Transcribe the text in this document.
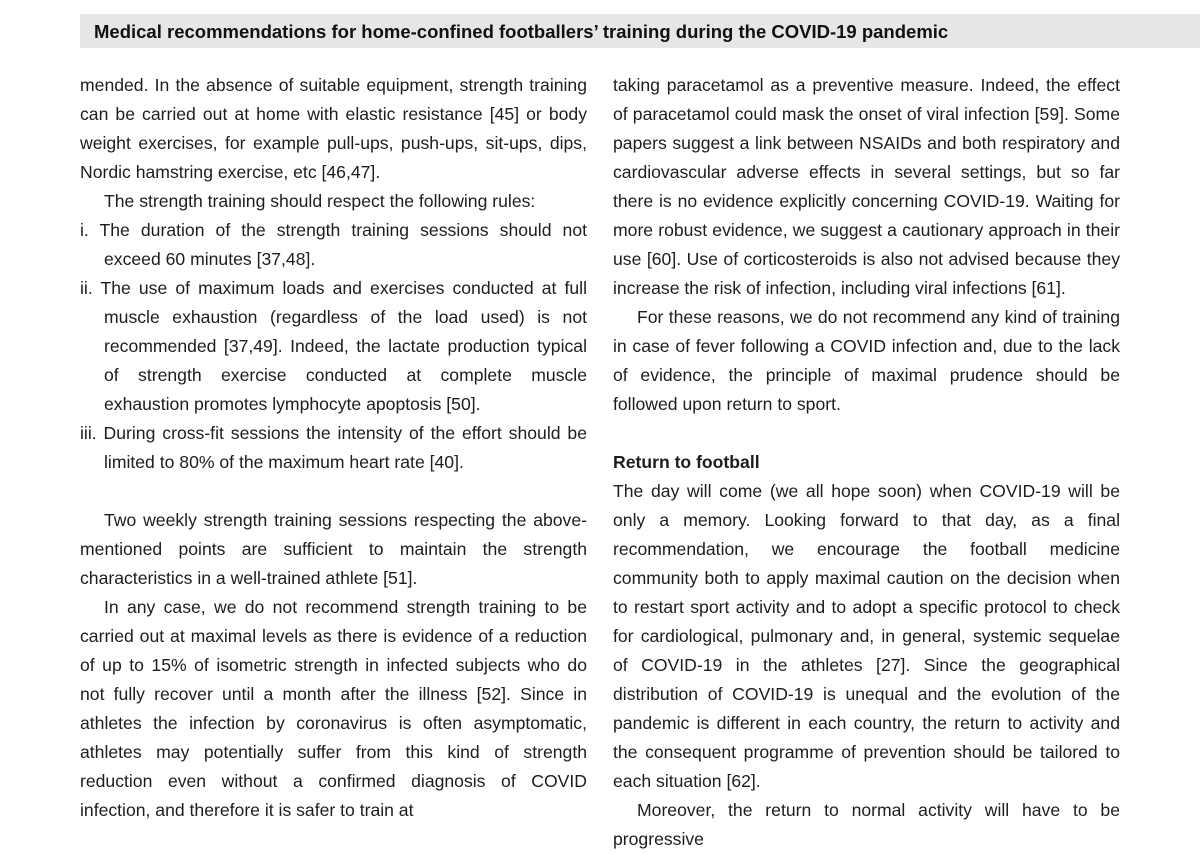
Medical recommendations for home-confined footballers’ training during the COVID-19 pandemic

mended. In the absence of suitable equipment, strength training can be carried out at home with elastic resistance [45] or body weight exercises, for example pull-ups, push-ups, sit-ups, dips, Nordic hamstring exercise, etc [46,47].

The strength training should respect the following rules:

i. The duration of the strength training sessions should not exceed 60 minutes [37,48].

ii. The use of maximum loads and exercises conducted at full muscle exhaustion (regardless of the load used) is not recommended [37,49]. Indeed, the lactate production typical of strength exercise conducted at complete muscle exhaustion promotes lymphocyte apoptosis [50].

iii. During cross-fit sessions the intensity of the effort should be limited to 80% of the maximum heart rate [40].

Two weekly strength training sessions respecting the above-mentioned points are sufficient to maintain the strength characteristics in a well-trained athlete [51].

In any case, we do not recommend strength training to be carried out at maximal levels as there is evidence of a reduction of up to 15% of isometric strength in infected subjects who do not fully recover until a month after the illness [52]. Since in athletes the infection by coronavirus is often asymptomatic, athletes may potentially suffer from this kind of strength reduction even without a confirmed diagnosis of COVID infection, and therefore it is safer to train at

taking paracetamol as a preventive measure. Indeed, the effect of paracetamol could mask the onset of viral infection [59]. Some papers suggest a link between NSAIDs and both respiratory and cardiovascular adverse effects in several settings, but so far there is no evidence explicitly concerning COVID-19. Waiting for more robust evidence, we suggest a cautionary approach in their use [60]. Use of corticosteroids is also not advised because they increase the risk of infection, including viral infections [61].

For these reasons, we do not recommend any kind of training in case of fever following a COVID infection and, due to the lack of evidence, the principle of maximal prudence should be followed upon return to sport.

Return to football

The day will come (we all hope soon) when COVID-19 will be only a memory. Looking forward to that day, as a final recommendation, we encourage the football medicine community both to apply maximal caution on the decision when to restart sport activity and to adopt a specific protocol to check for cardiological, pulmonary and, in general, systemic sequelae of COVID-19 in the athletes [27]. Since the geographical distribution of COVID-19 is unequal and the evolution of the pandemic is different in each country, the return to activity and the consequent programme of prevention should be tailored to each situation [62].

Moreover, the return to normal activity will have to be progressive
